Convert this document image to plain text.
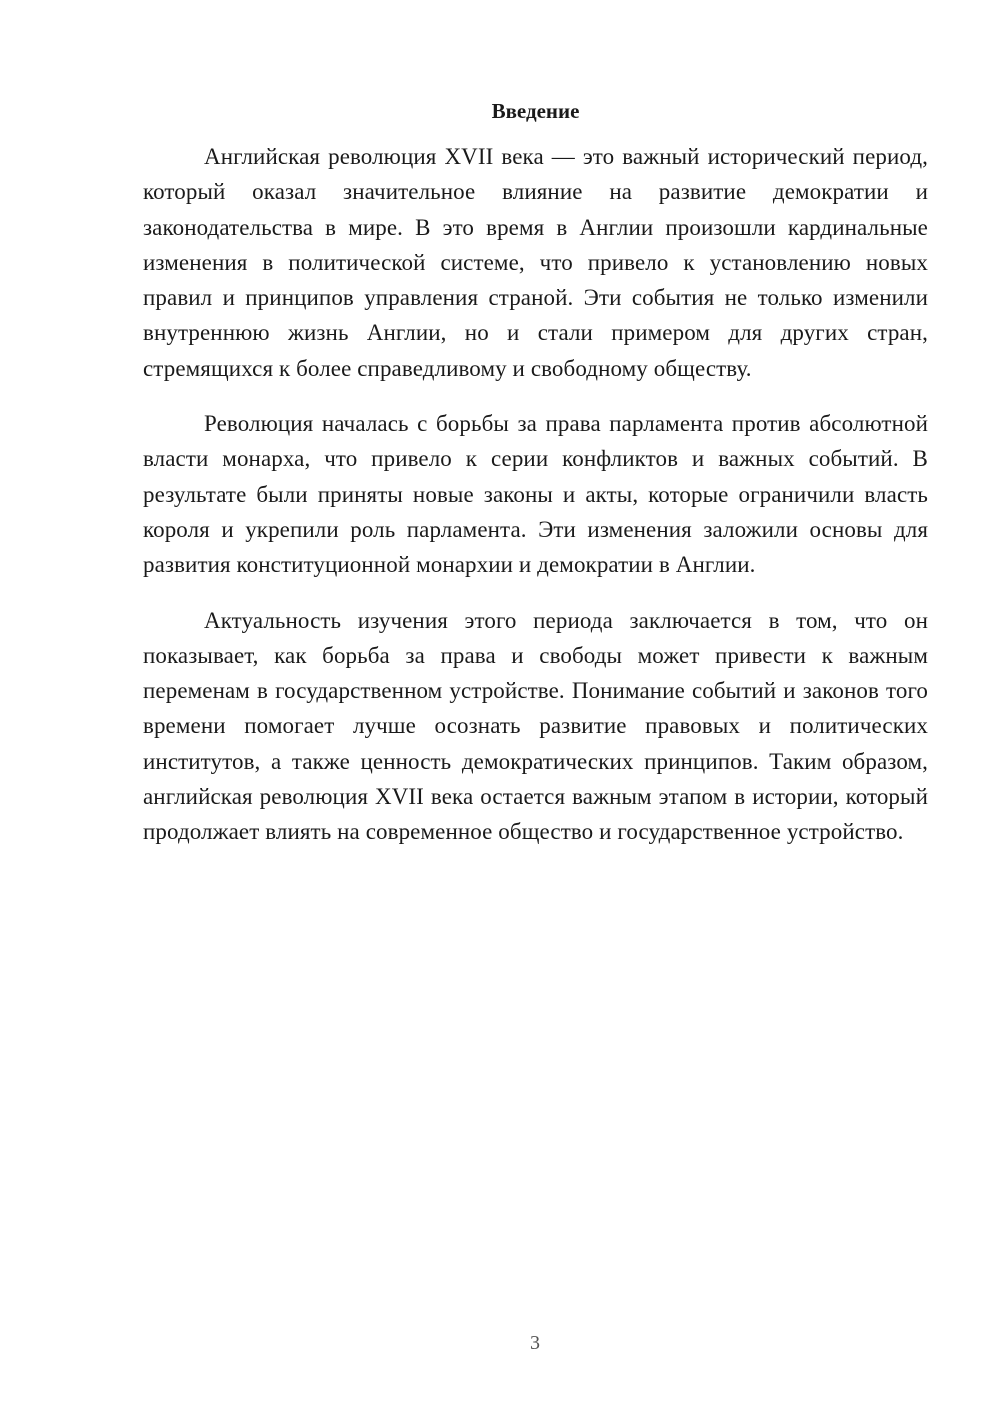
Введение

Английская революция XVII века — это важный исторический период, который оказал значительное влияние на развитие демократии и законодательства в мире. В это время в Англии произошли кардинальные изменения в политической системе, что привело к установлению новых правил и принципов управления страной. Эти события не только изменили внутреннюю жизнь Англии, но и стали примером для других стран, стремящихся к более справедливому и свободному обществу.

Революция началась с борьбы за права парламента против абсолютной власти монарха, что привело к серии конфликтов и важных событий. В результате были приняты новые законы и акты, которые ограничили власть короля и укрепили роль парламента. Эти изменения заложили основы для развития конституционной монархии и демократии в Англии.

Актуальность изучения этого периода заключается в том, что он показывает, как борьба за права и свободы может привести к важным переменам в государственном устройстве. Понимание событий и законов того времени помогает лучше осознать развитие правовых и политических институтов, а также ценность демократических принципов. Таким образом, английская революция XVII века остается важным этапом в истории, который продолжает влиять на современное общество и государственное устройство.

3
